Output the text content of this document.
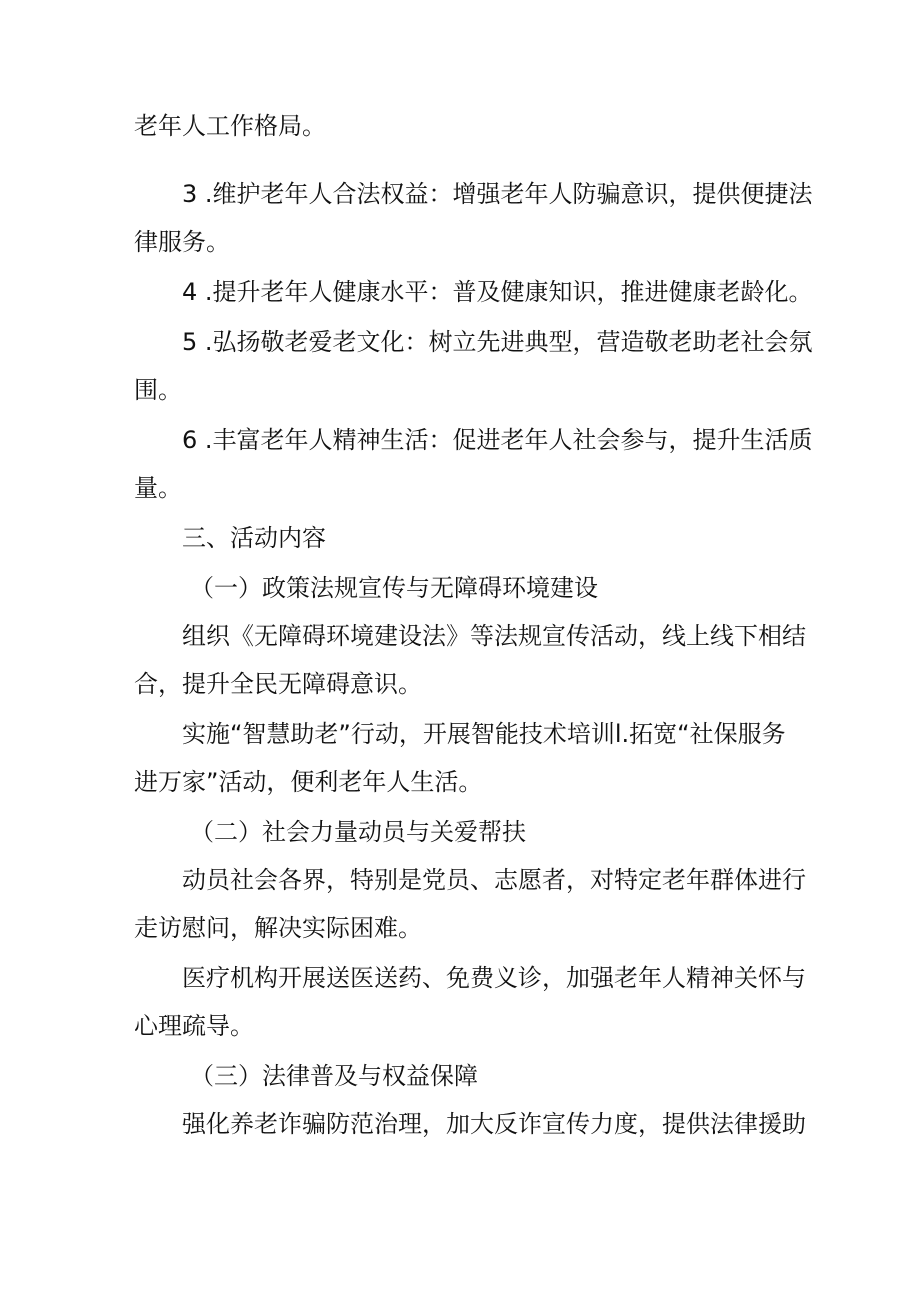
老年人工作格局。
3 .维护老年人合法权益：增强老年人防骗意识，提供便捷法
律服务。
4 .提升老年人健康水平：普及健康知识，推进健康老龄化。
5 .弘扬敬老爱老文化：树立先进典型，营造敬老助老社会氛
围。
6 .丰富老年人精神生活：促进老年人社会参与，提升生活质
量。
三、活动内容
（一）政策法规宣传与无障碍环境建设
组织《无障碍环境建设法》等法规宣传活动，线上线下相结
合，提升全民无障碍意识。
实施“智慧助老”行动，开展智能技术培训l.拓宽“社保服务
进万家”活动，便利老年人生活。
（二）社会力量动员与关爱帮扶
动员社会各界，特别是党员、志愿者，对特定老年群体进行
走访慰问，解决实际困难。
医疗机构开展送医送药、免费义诊，加强老年人精神关怀与
心理疏导。
（三）法律普及与权益保障
强化养老诈骗防范治理，加大反诈宣传力度，提供法律援助
